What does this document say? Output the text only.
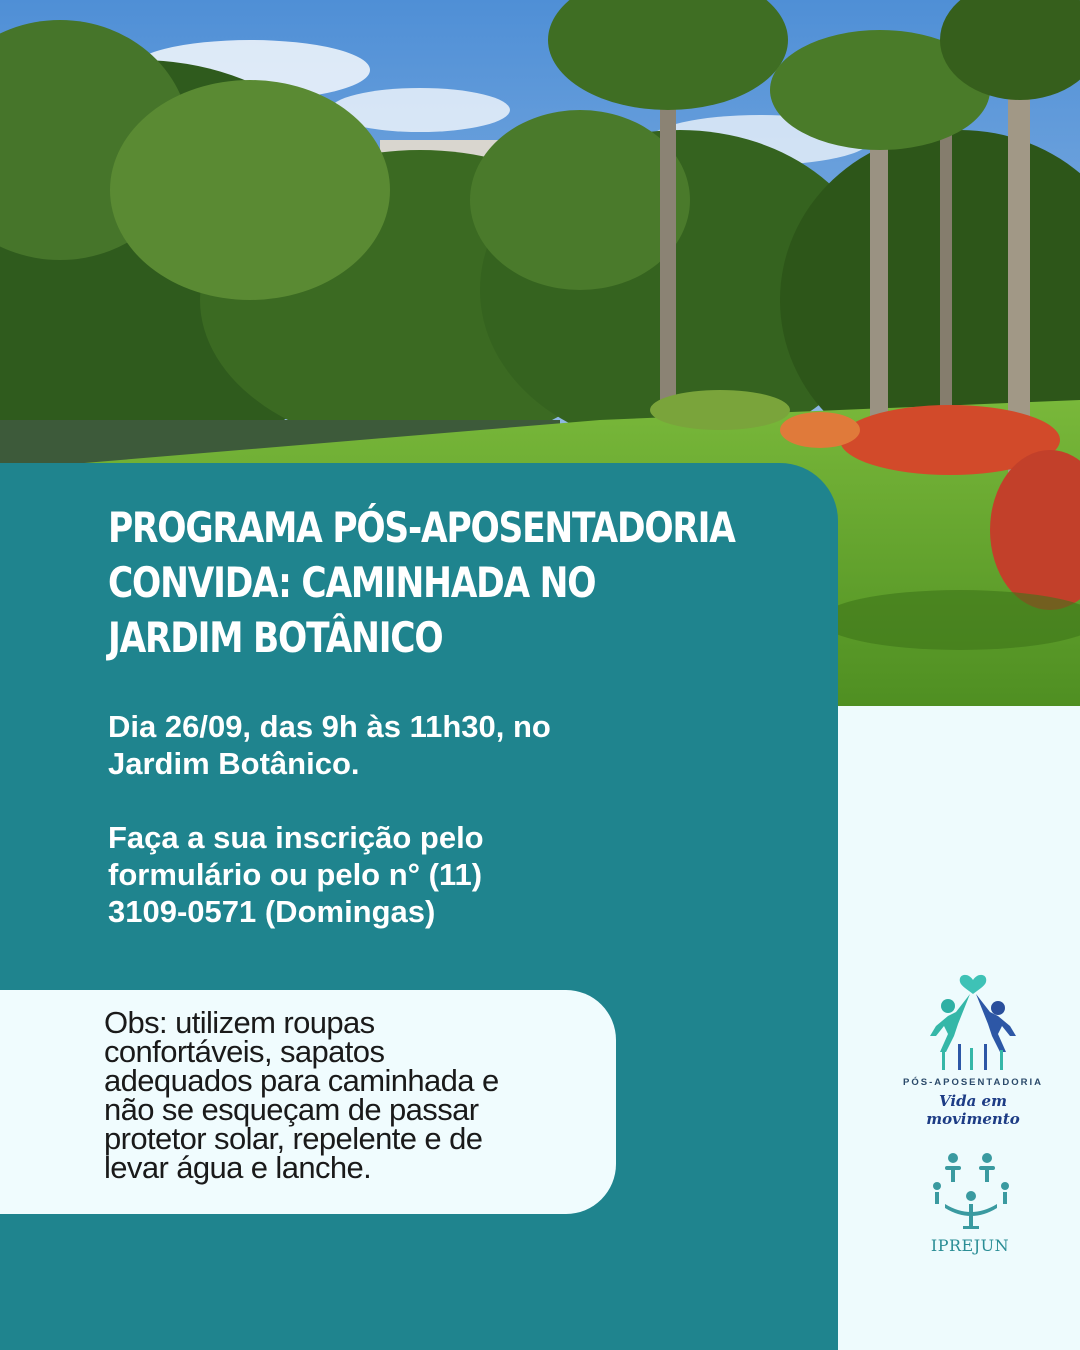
PROGRAMA PÓS-APOSENTADORIA
CONVIDA: CAMINHADA NO
JARDIM BOTÂNICO

Dia 26/09, das 9h às 11h30, no
Jardim Botânico.

Faça a sua inscrição pelo
formulário ou pelo n° (11)
3109-0571 (Domingas)

Obs: utilizem roupas
confortáveis, sapatos
adequados para caminhada e
não se esqueçam de passar
protetor solar, repelente e de
levar água e lanche.
PÓS-APOSENTADORIA
Vida em movimento
IPREJUN
